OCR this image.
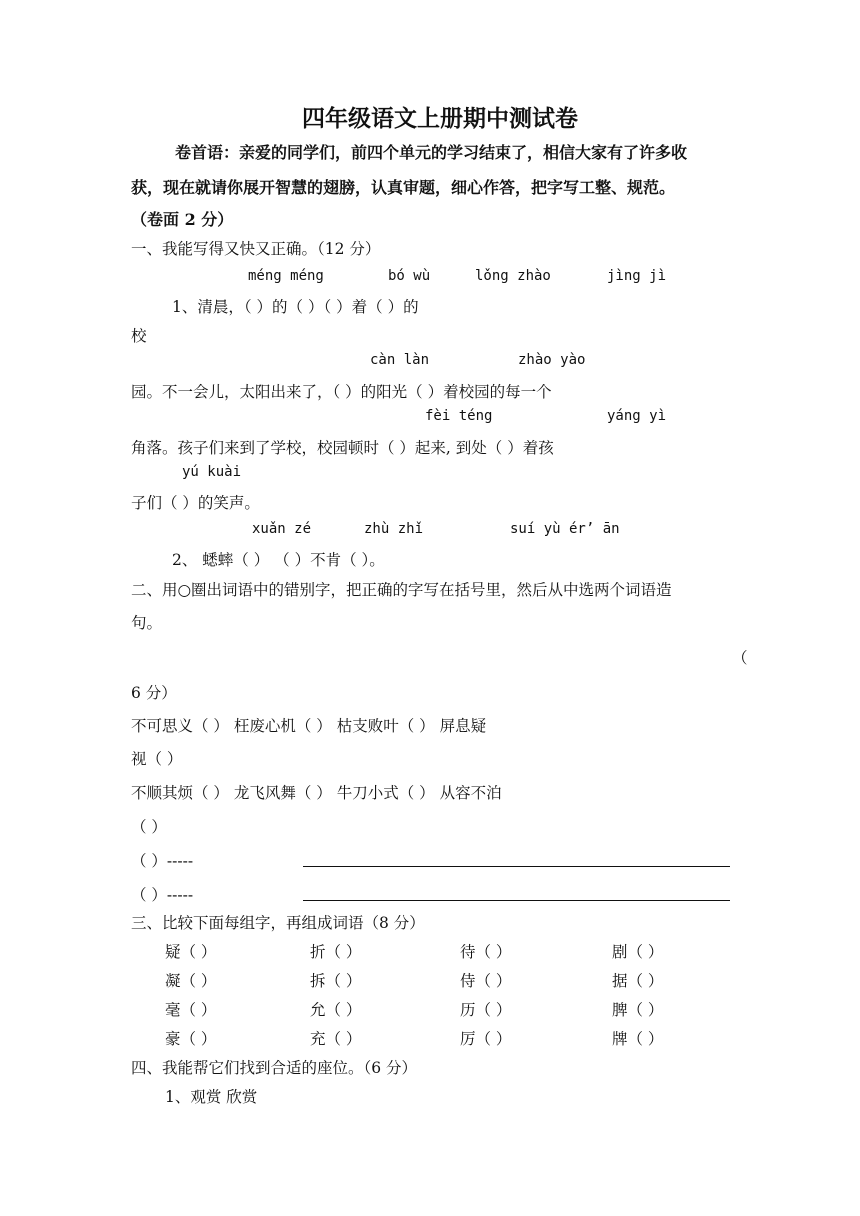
四年级语文上册期中测试卷
卷首语：亲爱的同学们，前四个单元的学习结束了，相信大家有了许多收
获，现在就请你展开智慧的翅膀，认真审题，细心作答，把字写工整、规范。
（卷面 2 分）
一、我能写得又快又正确。（12 分）
méng méng	bó wù	lǒng zhào	jìng jì
1、清晨，（ ）的（ ）（ ）着（ ）的
校
càn làn	zhào yào
园。不一会儿，太阳出来了，（ ）的阳光（ ）着校园的每一个
fèi téng	yáng yì
角落。孩子们来到了学校，校园顿时（ ）起来, 到处（ ）着孩
yú kuài
子们（ ）的笑声。
xuǎn zé	zhù zhǐ	suí yù ér’ ān
2、 蟋蟀（ ） （ ）不肯（ ）。
二、用○圈出词语中的错别字，把正确的字写在括号里，然后从中选两个词语造
句。
（
6 分）
不可思义（ ） 枉废心机（ ） 枯支败叶（ ） 屏息疑
视（ ）
不顺其烦（ ） 龙飞风舞（ ） 牛刀小式（ ） 从容不泊
（ ）
（ ）-----
（ ）-----
三、比较下面每组字，再组成词语（8 分）
疑（ ）	折（ ）	待（ ）	剧（ ）
凝（ ）	拆（ ）	侍（ ）	据（ ）
毫（ ）	允（ ）	历（ ）	脾（ ）
豪（ ）	充（ ）	厉（ ）	牌（ ）
四、我能帮它们找到合适的座位。（6 分）
1、观赏 欣赏
